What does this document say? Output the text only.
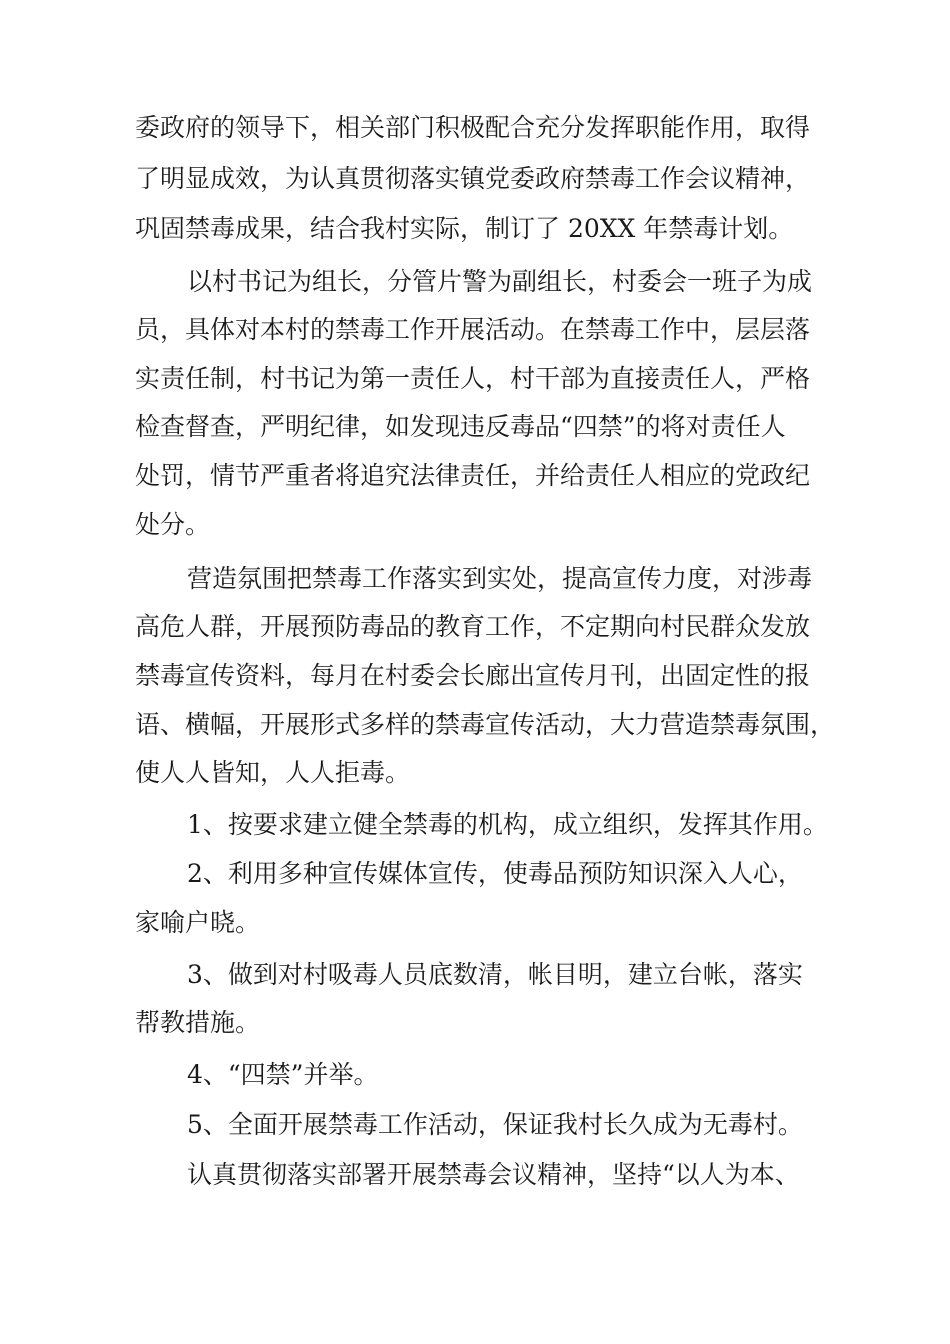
委政府的领导下，相关部门积极配合充分发挥职能作用，取得
了明显成效，为认真贯彻落实镇党委政府禁毒工作会议精神，
巩固禁毒成果，结合我村实际，制订了 20XX 年禁毒计划。
以村书记为组长，分管片警为副组长，村委会一班子为成
员，具体对本村的禁毒工作开展活动。在禁毒工作中，层层落
实责任制，村书记为第一责任人，村干部为直接责任人，严格
检查督查，严明纪律，如发现违反毒品“四禁”的将对责任人
处罚，情节严重者将追究法律责任，并给责任人相应的党政纪
处分。
营造氛围把禁毒工作落实到实处，提高宣传力度，对涉毒
高危人群，开展预防毒品的教育工作，不定期向村民群众发放
禁毒宣传资料，每月在村委会长廊出宣传月刊，出固定性的报
语、横幅，开展形式多样的禁毒宣传活动，大力营造禁毒氛围，
使人人皆知，人人拒毒。
1、按要求建立健全禁毒的机构，成立组织，发挥其作用。
2、利用多种宣传媒体宣传，使毒品预防知识深入人心，
家喻户晓。
3、做到对村吸毒人员底数清，帐目明，建立台帐，落实
帮教措施。
4、“四禁”并举。
5、全面开展禁毒工作活动，保证我村长久成为无毒村。
认真贯彻落实部署开展禁毒会议精神，坚持“以人为本、
